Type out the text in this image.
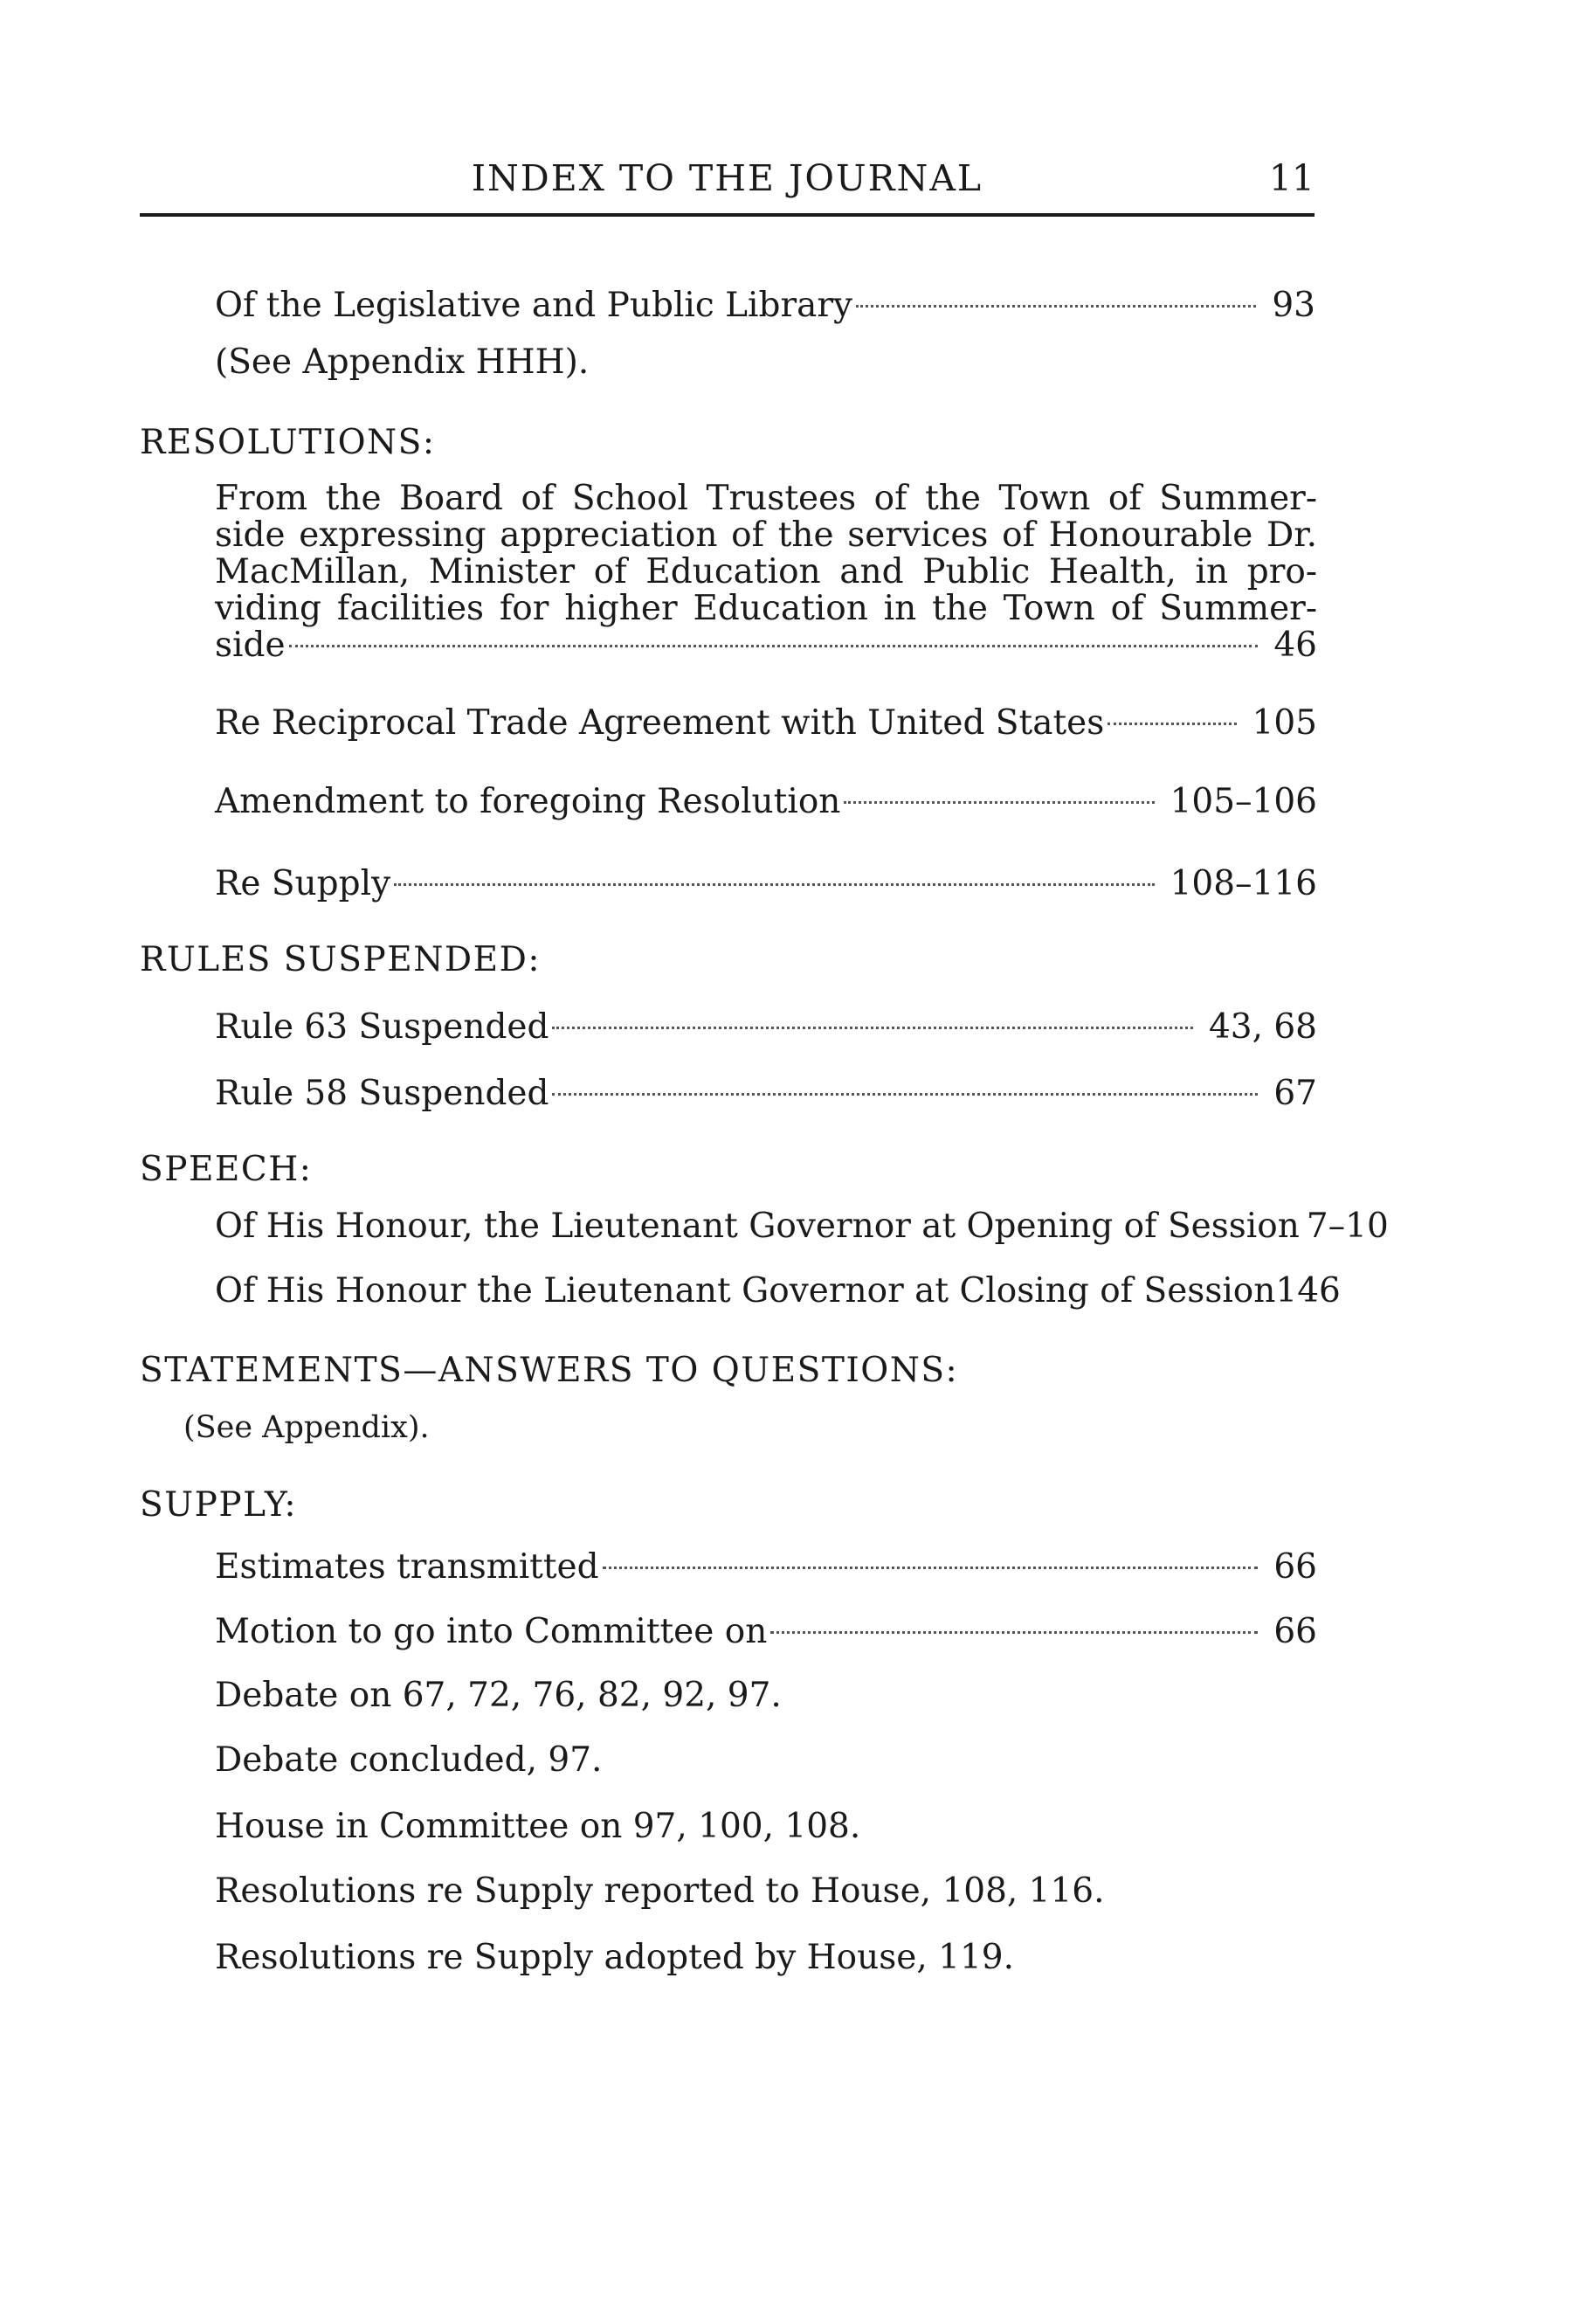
INDEX TO THE JOURNAL	11
Of the Legislative and Public Library	93
(See Appendix HHH).
RESOLUTIONS:
From the Board of School Trustees of the Town of Summer-
side expressing appreciation of the services of Honourable Dr.
MacMillan, Minister of Education and Public Health, in pro-
viding facilities for higher Education in the Town of Summer-
side	46
Re Reciprocal Trade Agreement with United States	105
Amendment to foregoing Resolution	105–106
Re Supply	108–116
RULES SUSPENDED:
Rule 63 Suspended	43, 68
Rule 58 Suspended	67
SPEECH:
Of His Honour, the Lieutenant Governor at Opening of Session 7–10
Of His Honour the Lieutenant Governor at Closing of Session 146
STATEMENTS—ANSWERS TO QUESTIONS:
(See Appendix).
SUPPLY:
Estimates transmitted	66
Motion to go into Committee on	66
Debate on 67, 72, 76, 82, 92, 97.
Debate concluded, 97.
House in Committee on 97, 100, 108.
Resolutions re Supply reported to House, 108, 116.
Resolutions re Supply adopted by House, 119.
